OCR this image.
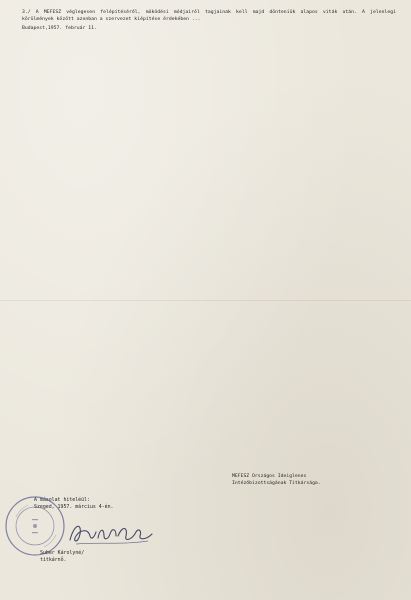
3./ A MEFESZ véglegesen felépítéséről, működési módjairól tagjainak kell majd dönteniük alapos viták után. A jelenlegi körülmények között azonban a szervezet kiépítése érdekében ...

Budapest,1957. február 11.

MEFESZ Országos Ideiglenes
Intézőbizottságának Titkársága.
A másolat hiteléül:
Szeged, 1957. március 4-én.
Suber Károlyné/
titkárnő.
